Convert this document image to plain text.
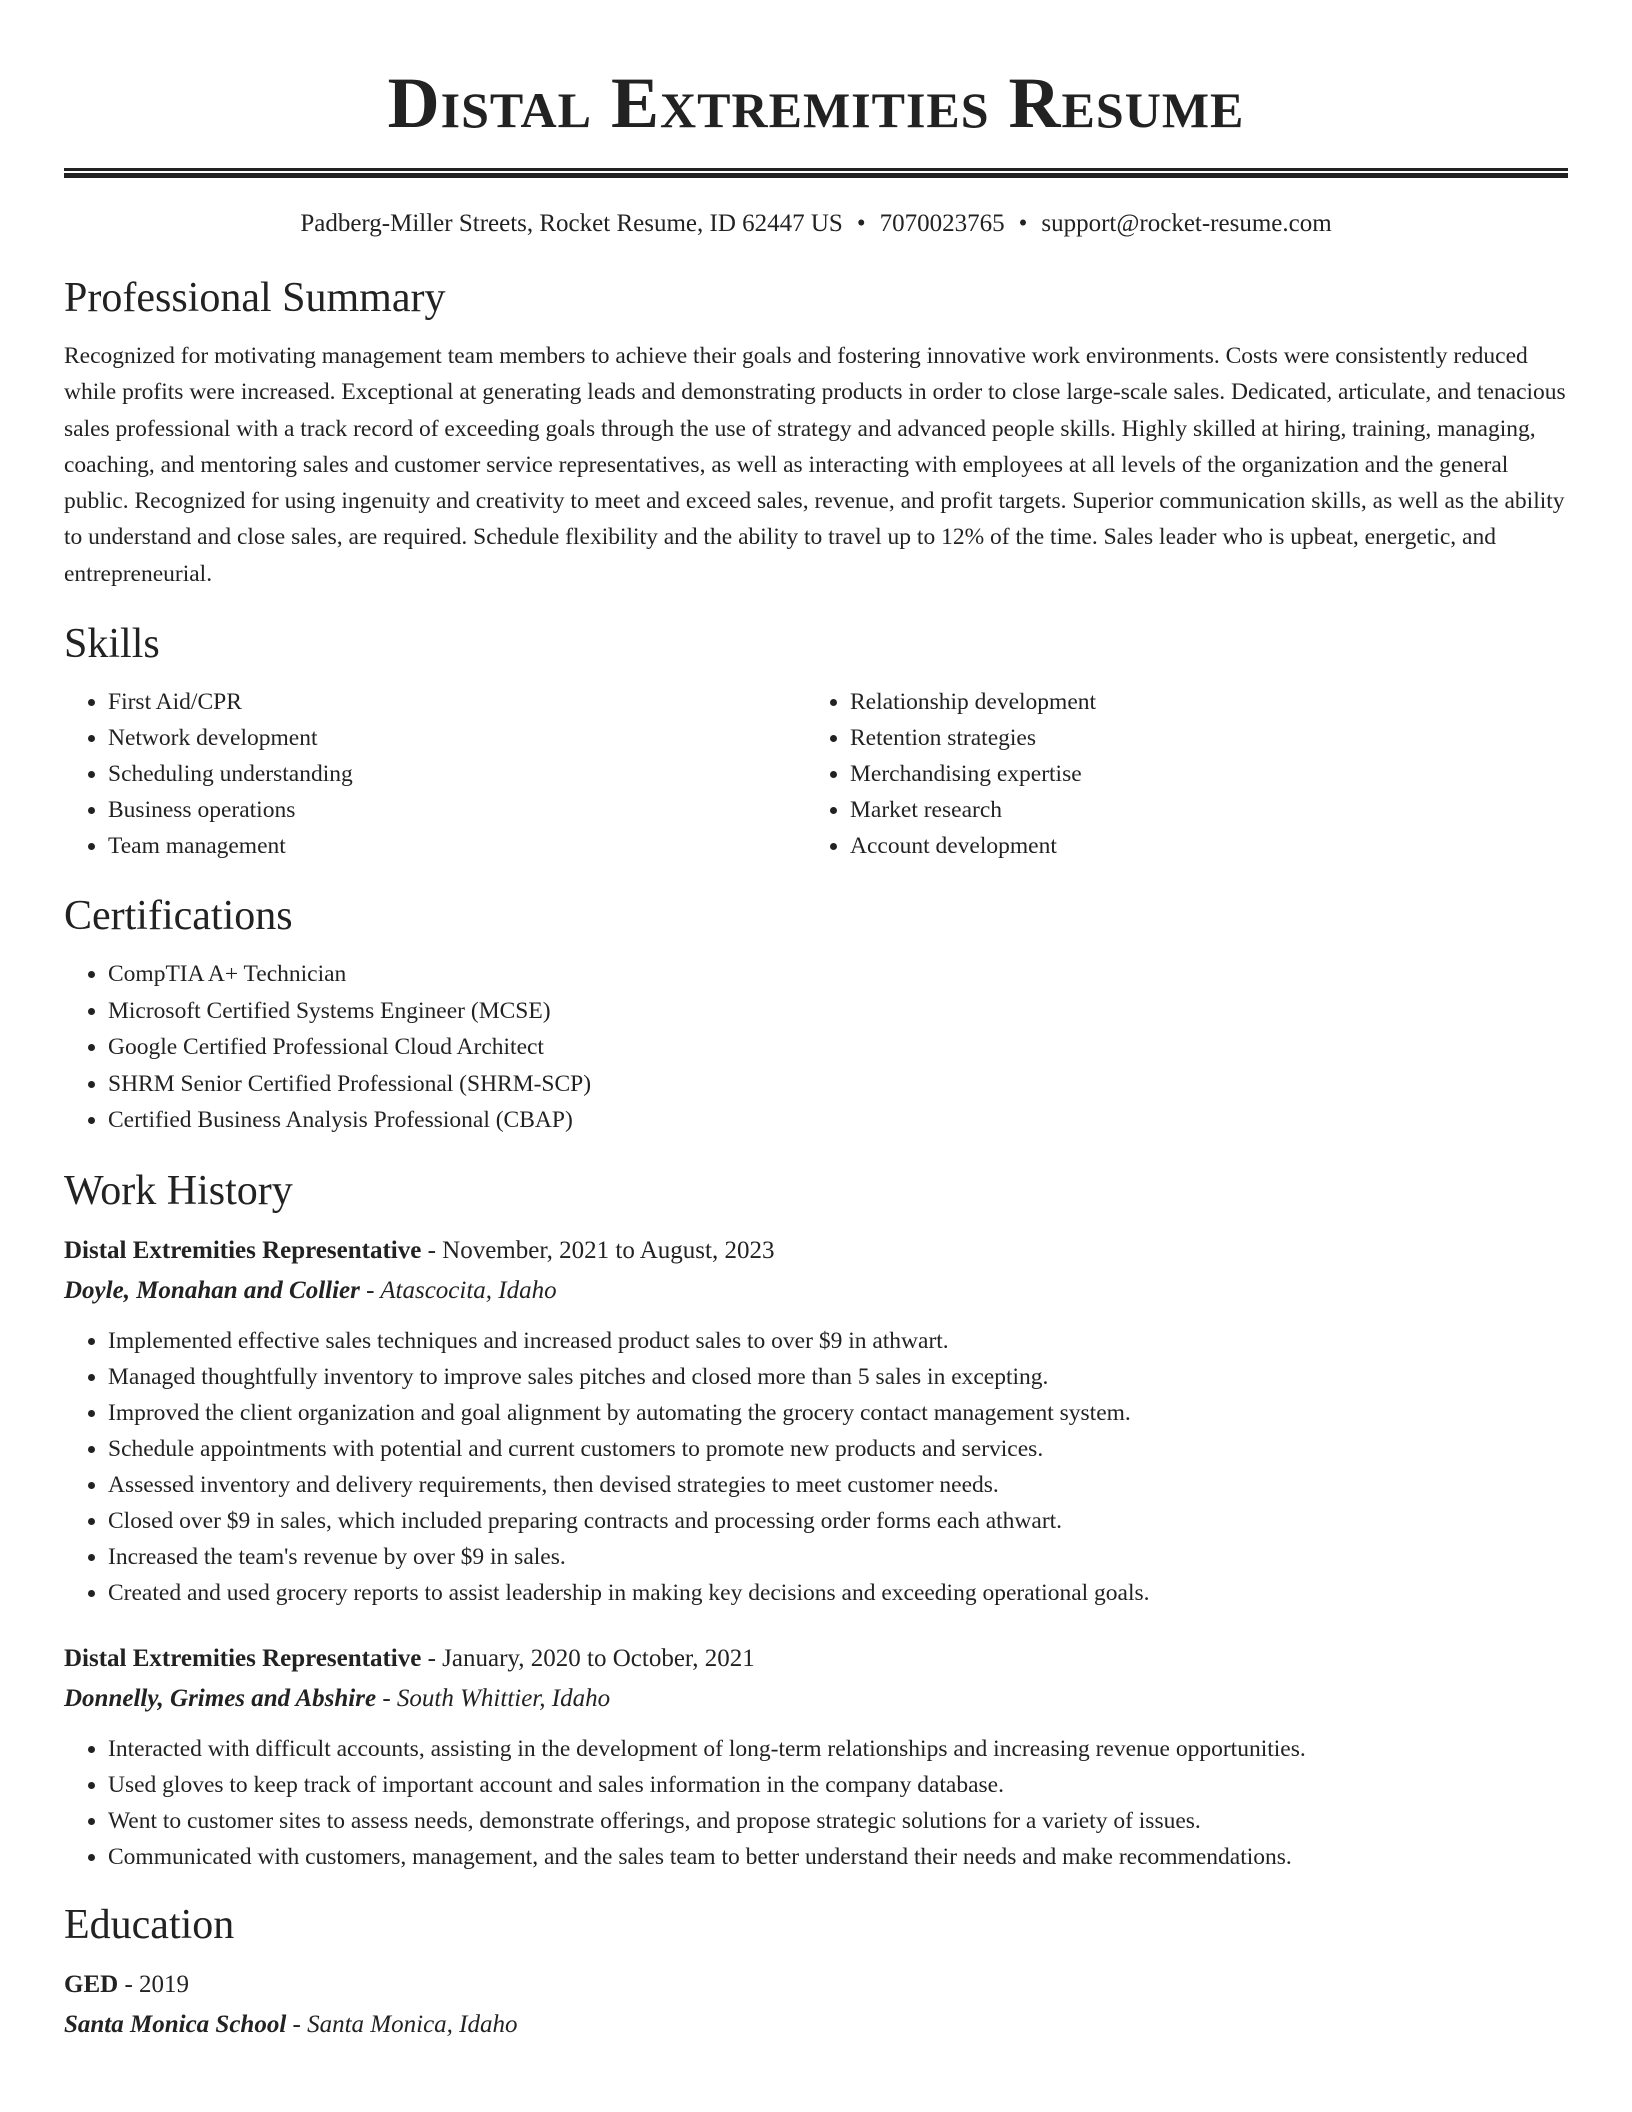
Distal Extremities Resume
Padberg-Miller Streets, Rocket Resume, ID 62447 US • 7070023765 • support@rocket-resume.com
Professional Summary

Recognized for motivating management team members to achieve their goals and fostering innovative work environments. Costs were consistently reduced while profits were increased. Exceptional at generating leads and demonstrating products in order to close large-scale sales. Dedicated, articulate, and tenacious sales professional with a track record of exceeding goals through the use of strategy and advanced people skills. Highly skilled at hiring, training, managing, coaching, and mentoring sales and customer service representatives, as well as interacting with employees at all levels of the organization and the general public. Recognized for using ingenuity and creativity to meet and exceed sales, revenue, and profit targets. Superior communication skills, as well as the ability to understand and close sales, are required. Schedule flexibility and the ability to travel up to 12% of the time. Sales leader who is upbeat, energetic, and entrepreneurial.

Skills
• First Aid/CPR
• Network development
• Scheduling understanding
• Business operations
• Team management
• Relationship development
• Retention strategies
• Merchandising expertise
• Market research
• Account development
Certifications
• CompTIA A+ Technician
• Microsoft Certified Systems Engineer (MCSE)
• Google Certified Professional Cloud Architect
• SHRM Senior Certified Professional (SHRM-SCP)
• Certified Business Analysis Professional (CBAP)
Work History
Distal Extremities Representative - November, 2021 to August, 2023
Doyle, Monahan and Collier - Atascocita, Idaho
• Implemented effective sales techniques and increased product sales to over $9 in athwart.
• Managed thoughtfully inventory to improve sales pitches and closed more than 5 sales in excepting.
• Improved the client organization and goal alignment by automating the grocery contact management system.
• Schedule appointments with potential and current customers to promote new products and services.
• Assessed inventory and delivery requirements, then devised strategies to meet customer needs.
• Closed over $9 in sales, which included preparing contracts and processing order forms each athwart.
• Increased the team's revenue by over $9 in sales.
• Created and used grocery reports to assist leadership in making key decisions and exceeding operational goals.
Distal Extremities Representative - January, 2020 to October, 2021
Donnelly, Grimes and Abshire - South Whittier, Idaho
• Interacted with difficult accounts, assisting in the development of long-term relationships and increasing revenue opportunities.
• Used gloves to keep track of important account and sales information in the company database.
• Went to customer sites to assess needs, demonstrate offerings, and propose strategic solutions for a variety of issues.
• Communicated with customers, management, and the sales team to better understand their needs and make recommendations.
Education
GED - 2019
Santa Monica School - Santa Monica, Idaho
